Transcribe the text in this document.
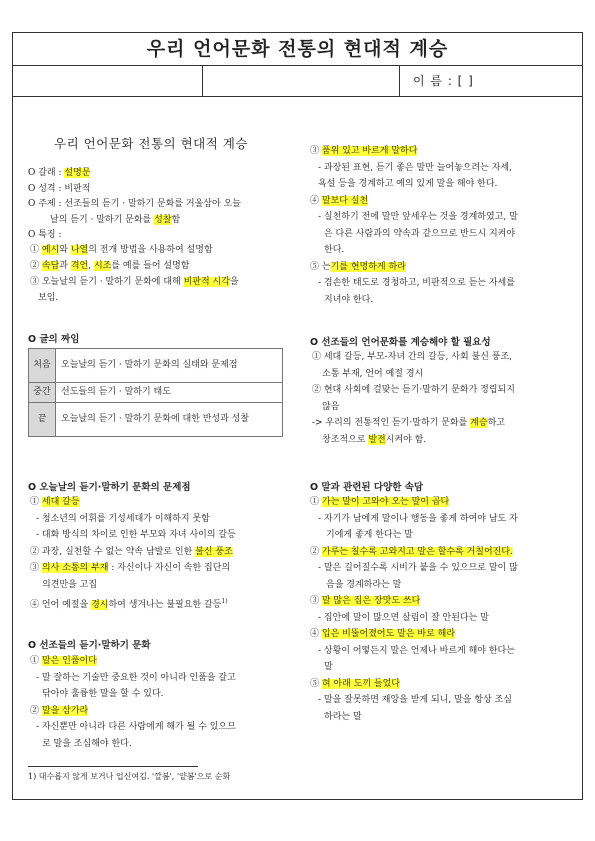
우리 언어문화 전통의 현대적 계승
이 름 : [ ]
우리 언어문화 전통의 현대적 계승
O 갈래 : 설명문
O 성격 : 비판적
O 주제 : 선조들의 듣기 · 말하기 문화를 거울삼아 오늘
날의 듣기 · 말하기 문화를 성찰함
O 특징 :
O 글의 짜임
처음	오늘날의 듣기 · 말하기 문화의 실태와 문제점
중간	선도들의 듣기 · 말하기 태도
끝	오늘날의 듣기 · 말하기 문화에 대한 반성과 성찰
O 오늘날의 듣기·말하기 문화의 문제점
① 세대 갈등
- 청소년의 어휘를 기성세대가 이해하지 못함
- 대화 방식의 차이로 인한 부모와 자녀 사이의 갈등
② 과장, 실천할 수 없는 약속 남발로 인한 불신 풍조
③ 의사 소통의 부재 : 자신이나 자신이 속한 집단의
의견만을 고집
④ 언어 예절을 경시하여 생겨나는 불필요한 갈등$^{1)}$
O 선조들의 듣기·말하기 문화
① 말은 인품이다
- 말 잘하는 기술만 중요한 것이 아니라 인품을 갈고
닦아야 훌륭한 말을 할 수 있다.
② 말을 삼가라
- 자신뿐만 아니라 다른 사람에게 해가 될 수 있으므
로 말을 조심해야 한다.
1) 대수롭지 않게 보거나 업신여김. '깔봄', '얕봄'으로 순화
③ 품위 있고 바르게 말하다
- 과장된 표현, 듣기 좋은 말만 늘어놓으려는 자세,
욕설 등을 경계하고 예의 있게 말을 해야 한다.
④ 말보다 실천
- 실천하기 전에 말만 앞세우는 것을 경계하였고, 말
은 다른 사람과의 약속과 같으므로 반드시 지켜야
한다.
⑤ 는기를 현명하게 하라
- 겸손한 태도로 경청하고, 비판적으로 듣는 자세를
지녀야 한다.
O 선조들의 언어문화를 계승해야 할 필요성
① 세대 갈등, 부모-자녀 간의 갈등, 사회 불신 풍조,
소통 부재, 언어 예절 경시
② 현대 사회에 걸맞는 듣기·말하기 문화가 정립되지
않음
-> 우리의 전통적인 듣기·말하기 문화를 계승하고
창조적으로 발전시켜야 함.
O 말과 관련된 다양한 속담
① 가는 말이 고와야 오는 말이 곱다
- 자기가 남에게 말이나 행동을 좋게 하여야 남도 자
기에게 좋게 한다는 말
② 가루는 칠수록 고와지고 말은 할수록 거칠어진다.
- 말은 길어질수록 시비가 붙을 수 있으므로 말이 많
음을 경계하라는 말
③ 말 많은 집은 장맛도 쓰다
- 집안에 말이 많으면 살림이 잘 안된다는 말
④ 입은 비뚤어졌어도 말은 바로 해라
- 상황이 어떻든지 말은 언제나 바르게 해야 한다는
말
⑤ 혀 아래 도끼 들었다
- 말을 잘못하면 재앙을 받게 되니, 말을 항상 조심
하라는 말
① 예시와 나열의 전개 방법을 사용하여 설명함
② 속담과 격언, 시조를 예를 들어 설명함
③ 오늘날의 듣기 · 말하기 문화에 대해 비판적 시각을
보임.
